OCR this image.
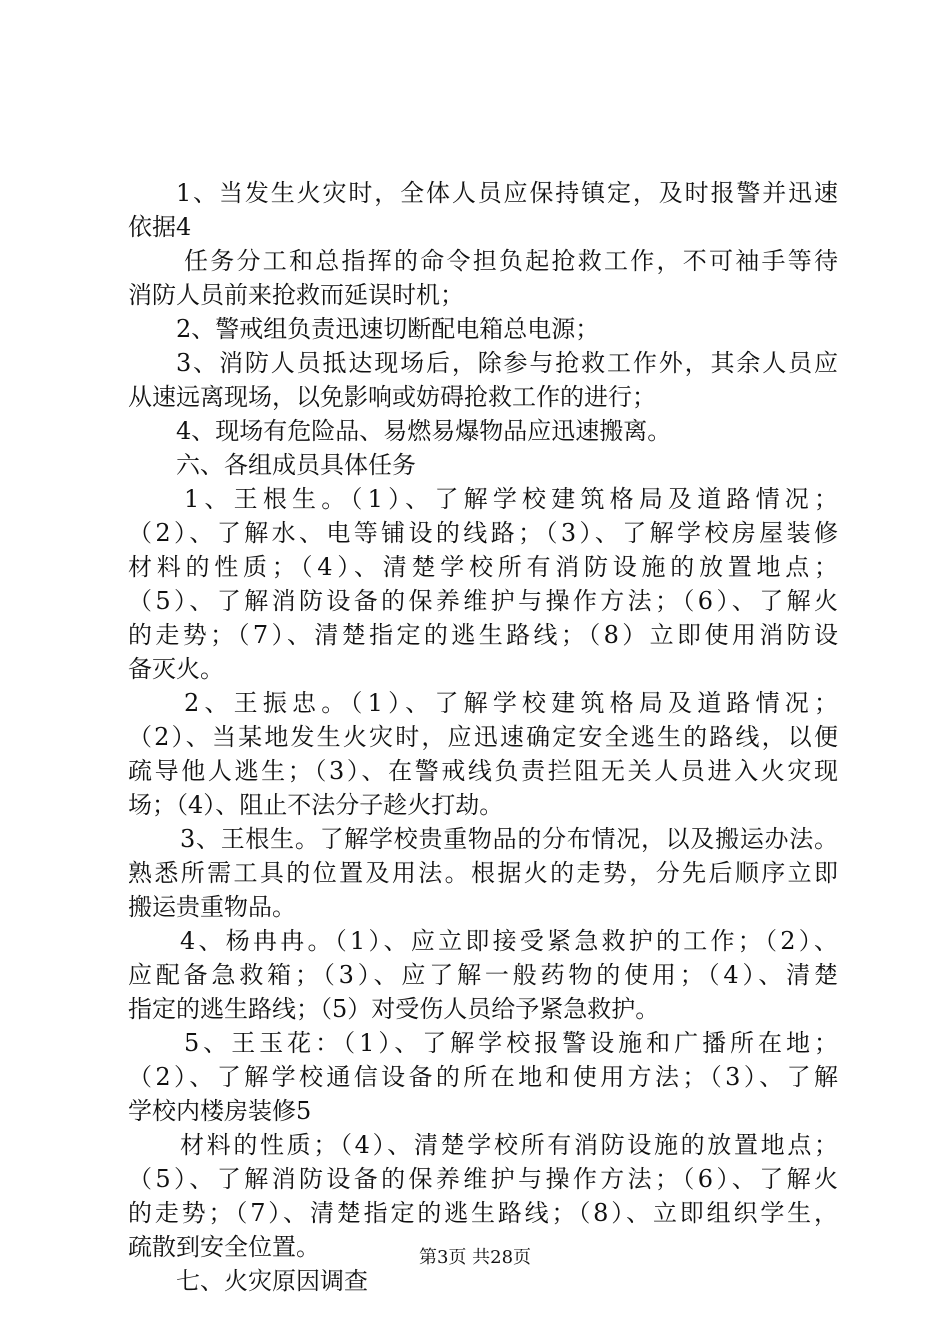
1、当发生火灾时，全体人员应保持镇定，及时报警并迅速
依据4
任务分工和总指挥的命令担负起抢救工作，不可袖手等待
消防人员前来抢救而延误时机；
2、警戒组负责迅速切断配电箱总电源；
3、消防人员抵达现场后，除参与抢救工作外，其余人员应
从速远离现场，以免影响或妨碍抢救工作的进行；
4、现场有危险品、易燃易爆物品应迅速搬离。
六、各组成员具体任务
1、王根生。（1）、了解学校建筑格局及道路情况；
（2）、了解水、电等铺设的线路；（3）、了解学校房屋装修
材料的性质；（4）、清楚学校所有消防设施的放置地点；
（5）、了解消防设备的保养维护与操作方法；（6）、了解火
的走势；（7）、清楚指定的逃生路线；（8）立即使用消防设
备灭火。
2、王振忠。（1）、了解学校建筑格局及道路情况；
（2）、当某地发生火灾时，应迅速确定安全逃生的路线，以便
疏导他人逃生；（3）、在警戒线负责拦阻无关人员进入火灾现
场；（4）、阻止不法分子趁火打劫。
3、王根生。了解学校贵重物品的分布情况，以及搬运办法。
熟悉所需工具的位置及用法。根据火的走势，分先后顺序立即
搬运贵重物品。
4、杨冉冉。（1）、应立即接受紧急救护的工作；（2）、
应配备急救箱；（3）、应了解一般药物的使用；（4）、清楚
指定的逃生路线；（5）对受伤人员给予紧急救护。
5、王玉花：（1）、了解学校报警设施和广播所在地；
（2）、了解学校通信设备的所在地和使用方法；（3）、了解
学校内楼房装修5
材料的性质；（4）、清楚学校所有消防设施的放置地点；
（5）、了解消防设备的保养维护与操作方法；（6）、了解火
的走势；（7）、清楚指定的逃生路线；（8）、立即组织学生，
疏散到安全位置。
七、火灾原因调查
第3页 共28页
